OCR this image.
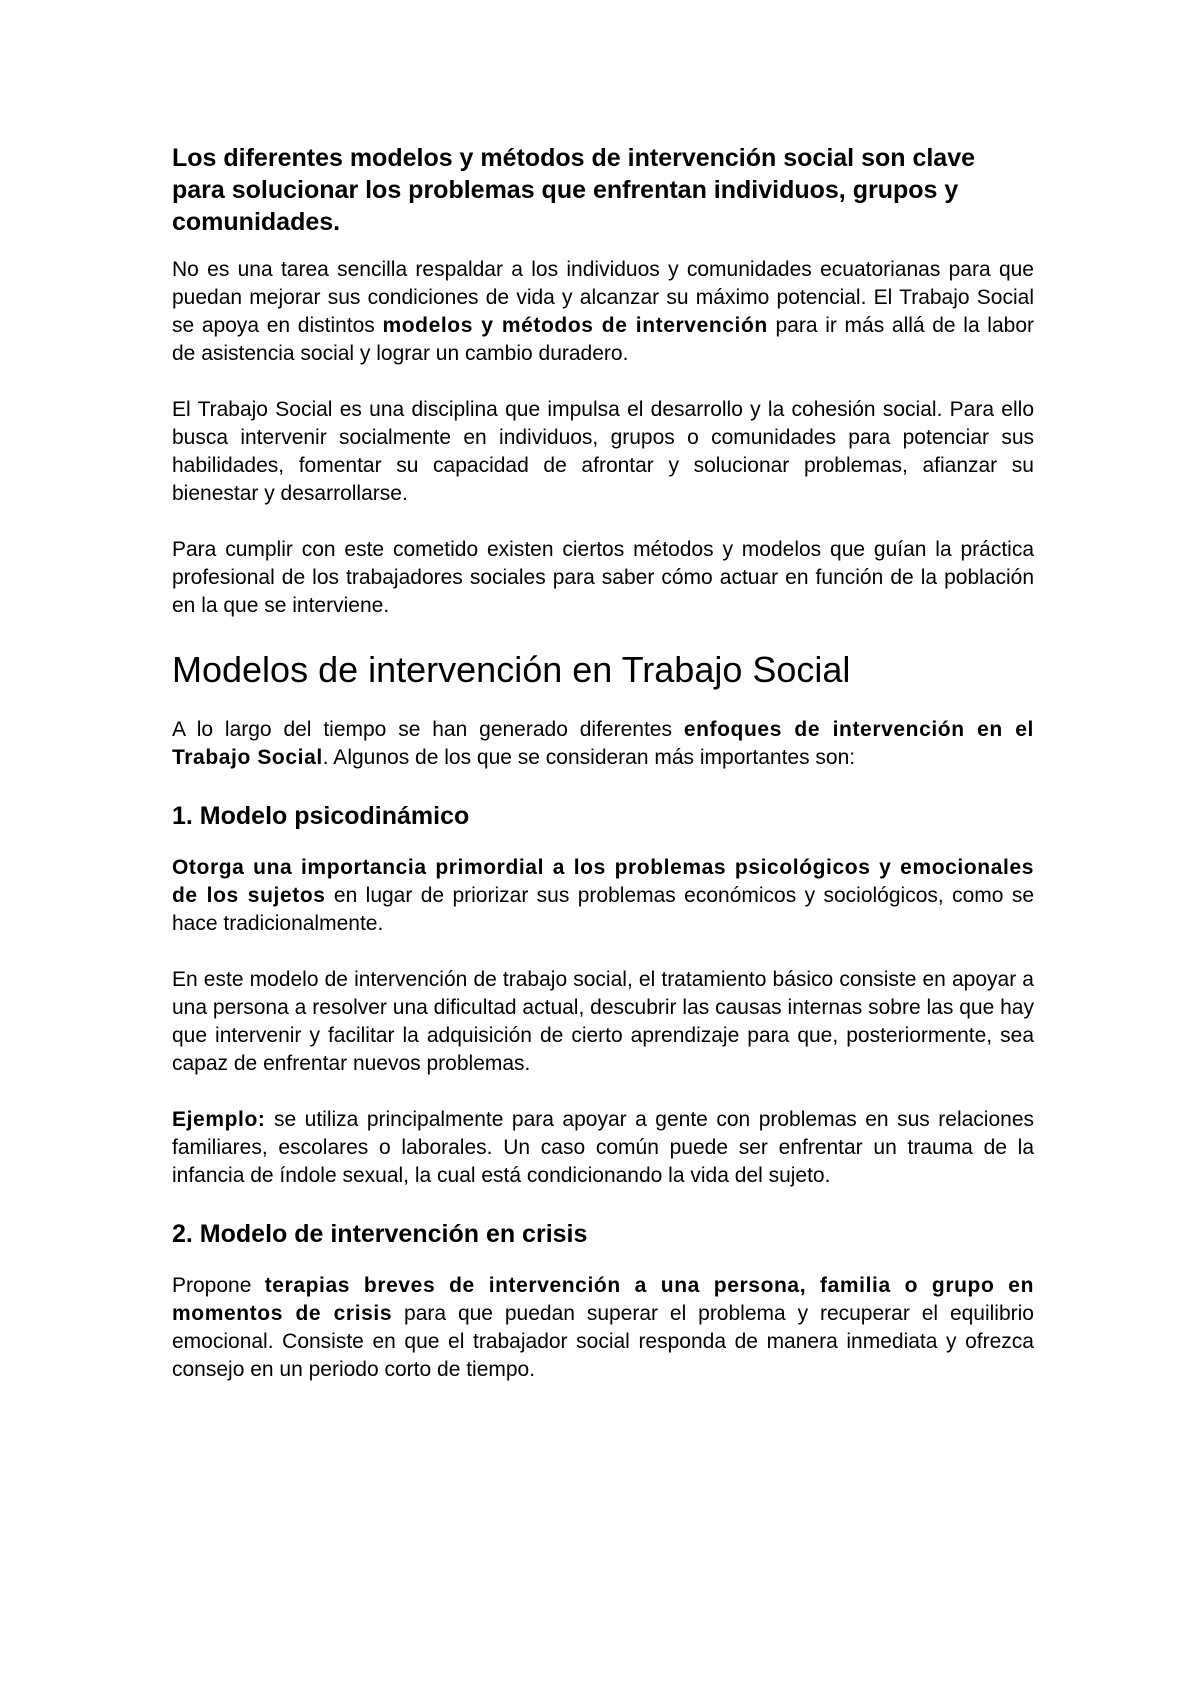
Los diferentes modelos y métodos de intervención social son clave para solucionar los problemas que enfrentan individuos, grupos y comunidades.

No es una tarea sencilla respaldar a los individuos y comunidades ecuatorianas para que puedan mejorar sus condiciones de vida y alcanzar su máximo potencial. El Trabajo Social se apoya en distintos modelos y métodos de intervención para ir más allá de la labor de asistencia social y lograr un cambio duradero.

El Trabajo Social es una disciplina que impulsa el desarrollo y la cohesión social. Para ello busca intervenir socialmente en individuos, grupos o comunidades para potenciar sus habilidades, fomentar su capacidad de afrontar y solucionar problemas, afianzar su bienestar y desarrollarse.

Para cumplir con este cometido existen ciertos métodos y modelos que guían la práctica profesional de los trabajadores sociales para saber cómo actuar en función de la población en la que se interviene.

Modelos de intervención en Trabajo Social

A lo largo del tiempo se han generado diferentes enfoques de intervención en el Trabajo Social. Algunos de los que se consideran más importantes son:

1. Modelo psicodinámico

Otorga una importancia primordial a los problemas psicológicos y emocionales de los sujetos en lugar de priorizar sus problemas económicos y sociológicos, como se hace tradicionalmente.

En este modelo de intervención de trabajo social, el tratamiento básico consiste en apoyar a una persona a resolver una dificultad actual, descubrir las causas internas sobre las que hay que intervenir y facilitar la adquisición de cierto aprendizaje para que, posteriormente, sea capaz de enfrentar nuevos problemas.

Ejemplo: se utiliza principalmente para apoyar a gente con problemas en sus relaciones familiares, escolares o laborales. Un caso común puede ser enfrentar un trauma de la infancia de índole sexual, la cual está condicionando la vida del sujeto.

2. Modelo de intervención en crisis

Propone terapias breves de intervención a una persona, familia o grupo en momentos de crisis para que puedan superar el problema y recuperar el equilibrio emocional. Consiste en que el trabajador social responda de manera inmediata y ofrezca consejo en un periodo corto de tiempo.
